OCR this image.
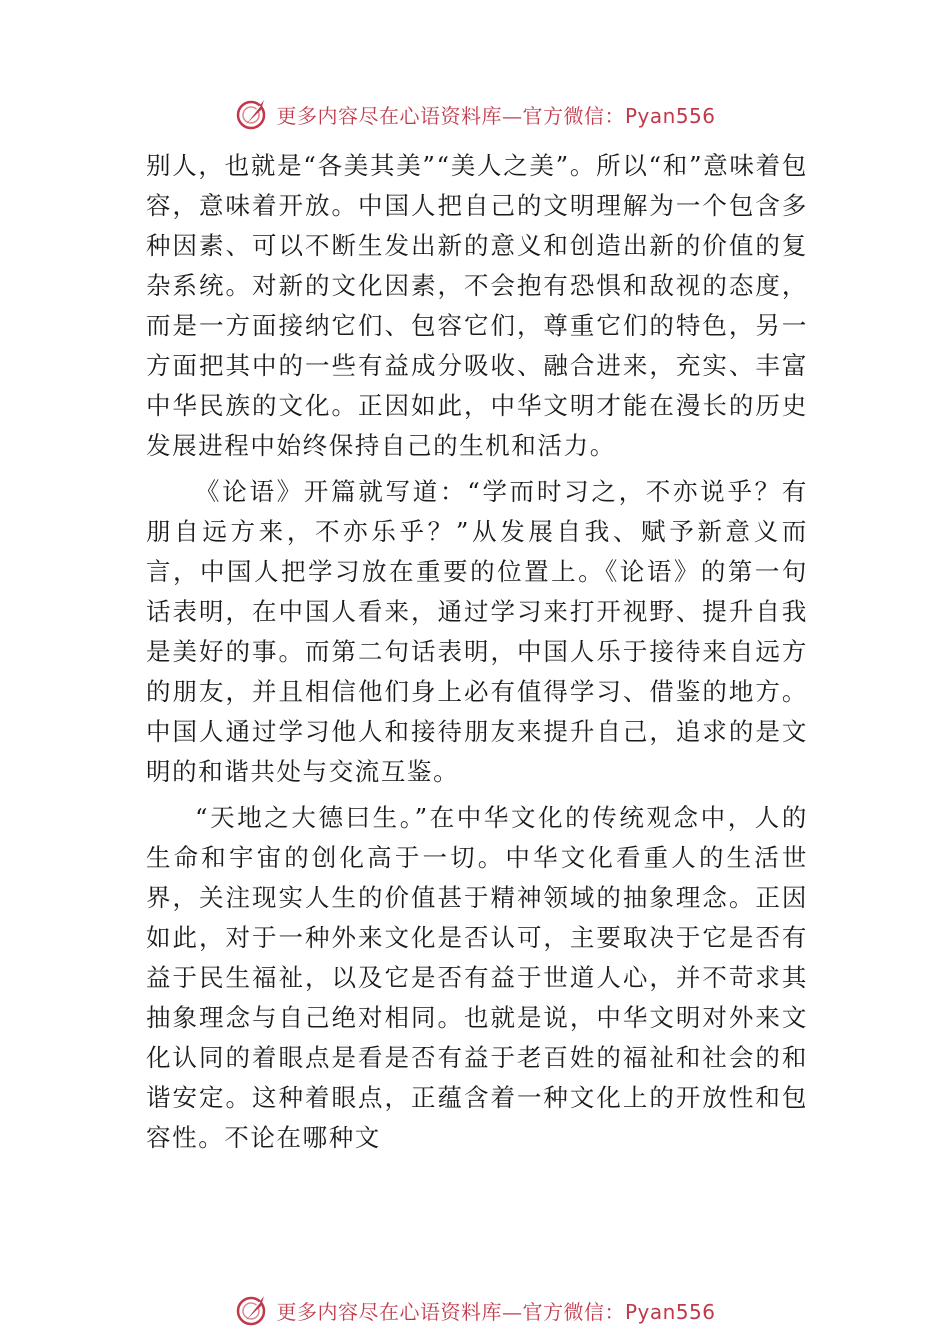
更多内容尽在心语资料库—官方微信：Pyan556

别人，也就是“各美其美”“美人之美”。所以“和”意味着包容，意味着开放。中国人把自己的文明理解为一个包含多种因素、可以不断生发出新的意义和创造出新的价值的复杂系统。对新的文化因素，不会抱有恐惧和敌视的态度，而是一方面接纳它们、包容它们，尊重它们的特色，另一方面把其中的一些有益成分吸收、融合进来，充实、丰富中华民族的文化。正因如此，中华文明才能在漫长的历史发展进程中始终保持自己的生机和活力。

《论语》开篇就写道：“学而时习之，不亦说乎？有朋自远方来，不亦乐乎？”从发展自我、赋予新意义而言，中国人把学习放在重要的位置上。《论语》的第一句话表明，在中国人看来，通过学习来打开视野、提升自我是美好的事。而第二句话表明，中国人乐于接待来自远方的朋友，并且相信他们身上必有值得学习、借鉴的地方。中国人通过学习他人和接待朋友来提升自己，追求的是文明的和谐共处与交流互鉴。

“天地之大德曰生。”在中华文化的传统观念中，人的生命和宇宙的创化高于一切。中华文化看重人的生活世界，关注现实人生的价值甚于精神领域的抽象理念。正因如此，对于一种外来文化是否认可，主要取决于它是否有益于民生福祉，以及它是否有益于世道人心，并不苛求其抽象理念与自己绝对相同。也就是说，中华文明对外来文化认同的着眼点是看是否有益于老百姓的福祉和社会的和谐安定。这种着眼点，正蕴含着一种文化上的开放性和包容性。不论在哪种文

更多内容尽在心语资料库—官方微信：Pyan556
